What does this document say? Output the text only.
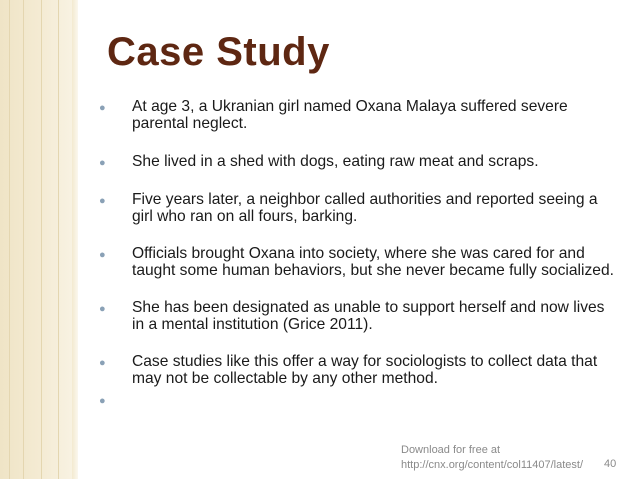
Case Study
● At age 3, a Ukranian girl named Oxana Malaya suffered severe parental neglect.
● She lived in a shed with dogs, eating raw meat and scraps.
● Five years later, a neighbor called authorities and reported seeing a girl who ran on all fours, barking.
● Officials brought Oxana into society, where she was cared for and taught some human behaviors, but she never became fully socialized.
● She has been designated as unable to support herself and now lives in a mental institution (Grice 2011).
● Case studies like this offer a way for sociologists to collect data that may not be collectable by any other method.
●
Download for free at
http://cnx.org/content/col11407/latest/ 40
